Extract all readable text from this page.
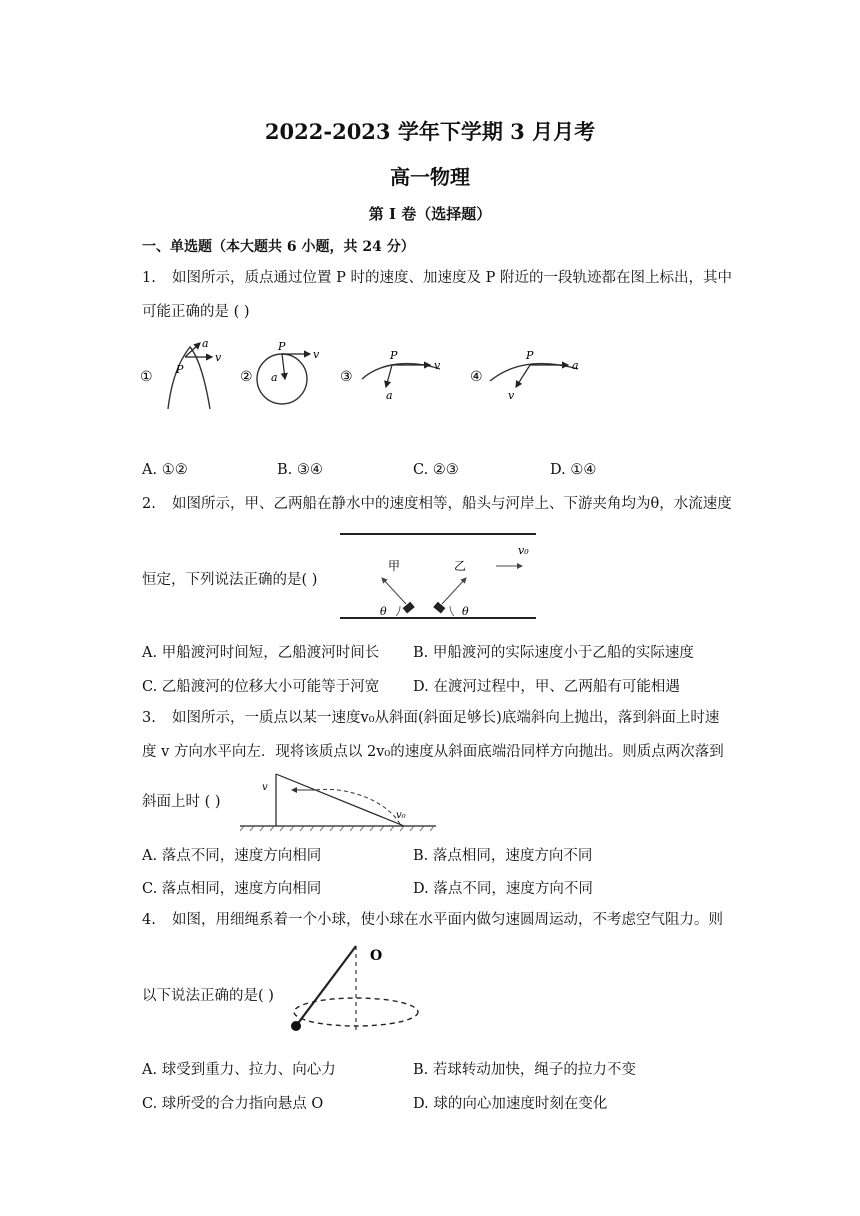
2022-2023 学年下学期 3 月月考
高一物理
第 I 卷（选择题）
一、单选题（本大题共 6 小题，共 24 分）
1. 如图所示，质点通过位置 P 时的速度、加速度及 P 附近的一段轨迹都在图上标出，其中
可能正确的是 ( )
①
a
v
P	②
P
v
a	③
P
v
a
④
P
a
v
A. ①②	B. ③④	C. ②③	D. ①④
2. 如图所示，甲、乙两船在静水中的速度相等，船头与河岸上、下游夹角均为θ，水流速度
恒定，下列说法正确的是( )
甲	乙
v₀
θ	θ
A. 甲船渡河时间短，乙船渡河时间长 B. 甲船渡河的实际速度小于乙船的实际速度
C. 乙船渡河的位移大小可能等于河宽 D. 在渡河过程中，甲、乙两船有可能相遇
3. 如图所示，一质点以某一速度v₀从斜面(斜面足够长)底端斜向上抛出，落到斜面上时速
度 v 方向水平向左．现将该质点以 2v₀的速度从斜面底端沿同样方向抛出。则质点两次落到
斜面上时 ( )
v
v₀
A. 落点不同，速度方向相同	B. 落点相同，速度方向不同
C. 落点相同，速度方向相同	D. 落点不同，速度方向不同
4. 如图，用细绳系着一个小球，使小球在水平面内做匀速圆周运动，不考虑空气阻力。则
以下说法正确的是( )
O
A. 球受到重力、拉力、向心力	B. 若球转动加快，绳子的拉力不变
C. 球所受的合力指向悬点 O	D. 球的向心加速度时刻在变化
